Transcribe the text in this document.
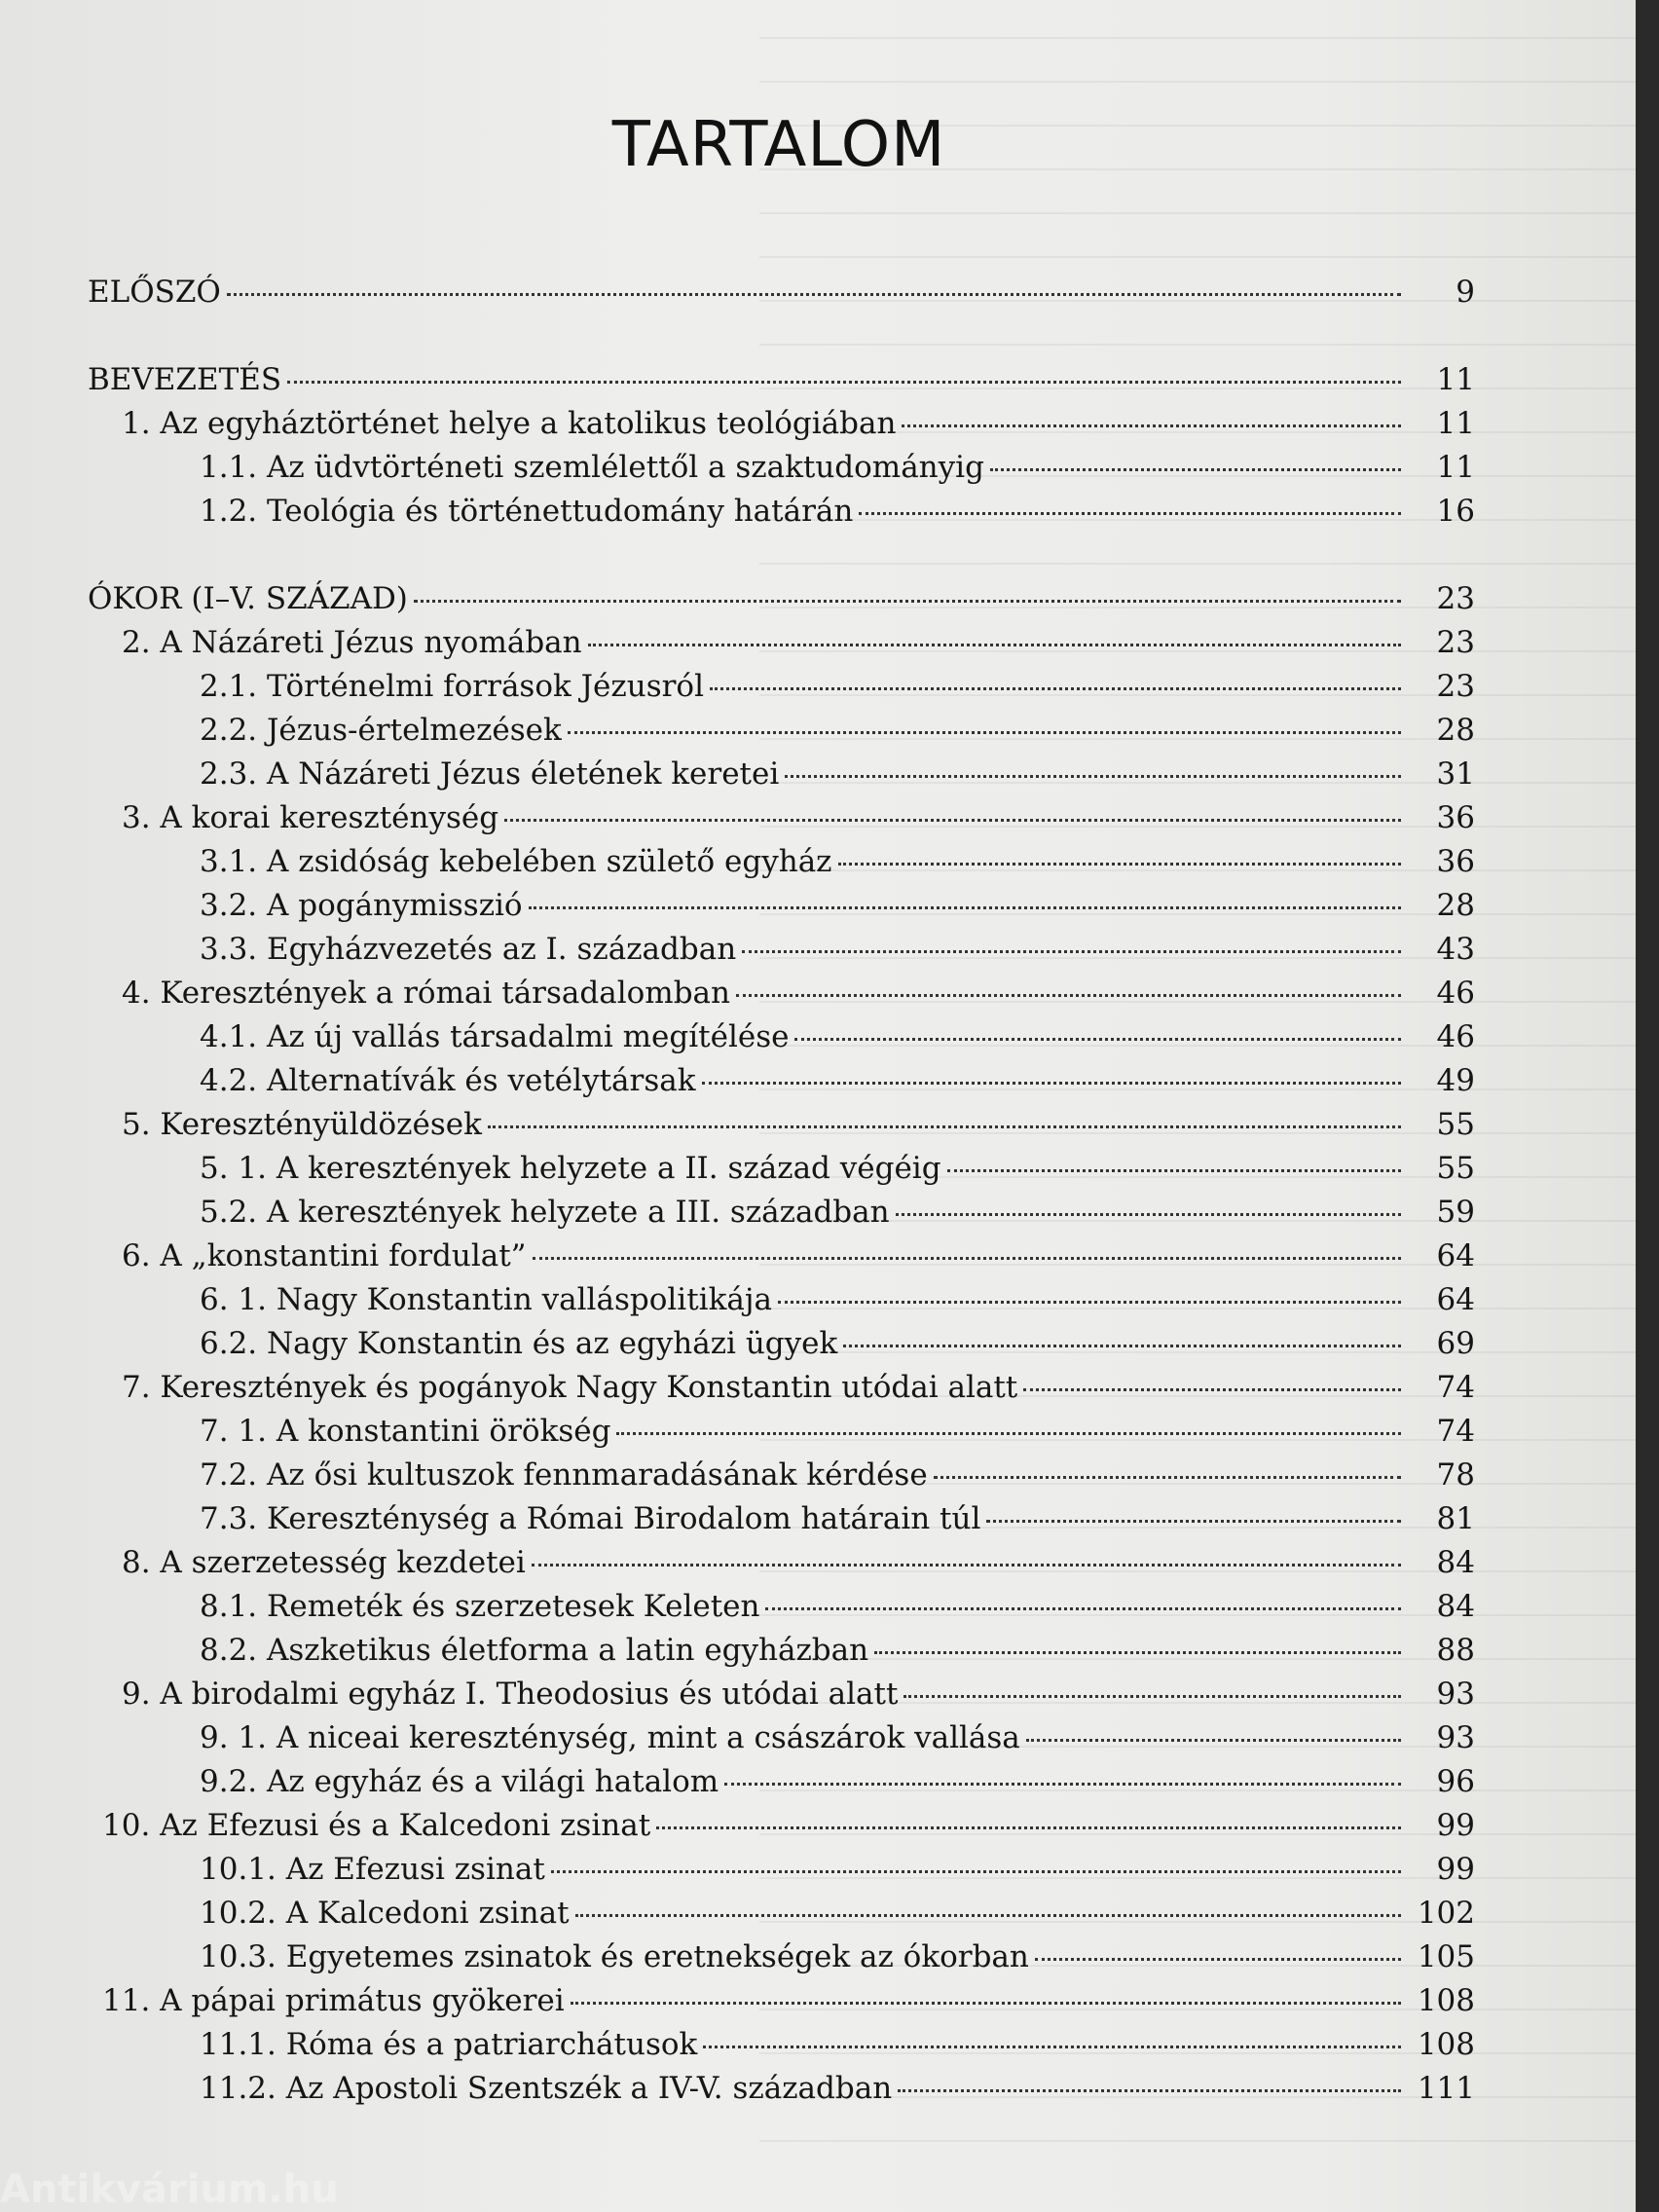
TARTALOM
ELŐSZÓ	9
BEVEZETÉS	11
1. Az egyháztörténet helye a katolikus teológiában	11
1.1. Az üdvtörténeti szemlélettől a szaktudományig	11
1.2. Teológia és történettudomány határán	16
ÓKOR (I–V. SZÁZAD)	23
2. A Názáreti Jézus nyomában	23
2.1. Történelmi források Jézusról	23
2.2. Jézus-értelmezések	28
2.3. A Názáreti Jézus életének keretei	31
3. A korai kereszténység	36
3.1. A zsidóság kebelében születő egyház	36
3.2. A pogánymisszió	28
3.3. Egyházvezetés az I. században	43
4. Keresztények a római társadalomban	46
4.1. Az új vallás társadalmi megítélése	46
4.2. Alternatívák és vetélytársak	49
5. Keresztényüldözések	55
5. 1. A keresztények helyzete a II. század végéig	55
5.2. A keresztények helyzete a III. században	59
6. A „konstantini fordulat”	64
6. 1. Nagy Konstantin valláspolitikája	64
6.2. Nagy Konstantin és az egyházi ügyek	69
7. Keresztények és pogányok Nagy Konstantin utódai alatt	74
7. 1. A konstantini örökség	74
7.2. Az ősi kultuszok fennmaradásának kérdése	78
7.3. Kereszténység a Római Birodalom határain túl	81
8. A szerzetesség kezdetei	84
8.1. Remeték és szerzetesek Keleten	84
8.2. Aszketikus életforma a latin egyházban	88
9. A birodalmi egyház I. Theodosius és utódai alatt	93
9. 1. A niceai kereszténység, mint a császárok vallása	93
9.2. Az egyház és a világi hatalom	96
10. Az Efezusi és a Kalcedoni zsinat	99
10.1. Az Efezusi zsinat	99
10.2. A Kalcedoni zsinat	102
10.3. Egyetemes zsinatok és eretnekségek az ókorban	105
11. A pápai primátus gyökerei	108
11.1. Róma és a patriarchátusok	108
11.2. Az Apostoli Szentszék a IV-V. században	111
Antikvárium.hu
